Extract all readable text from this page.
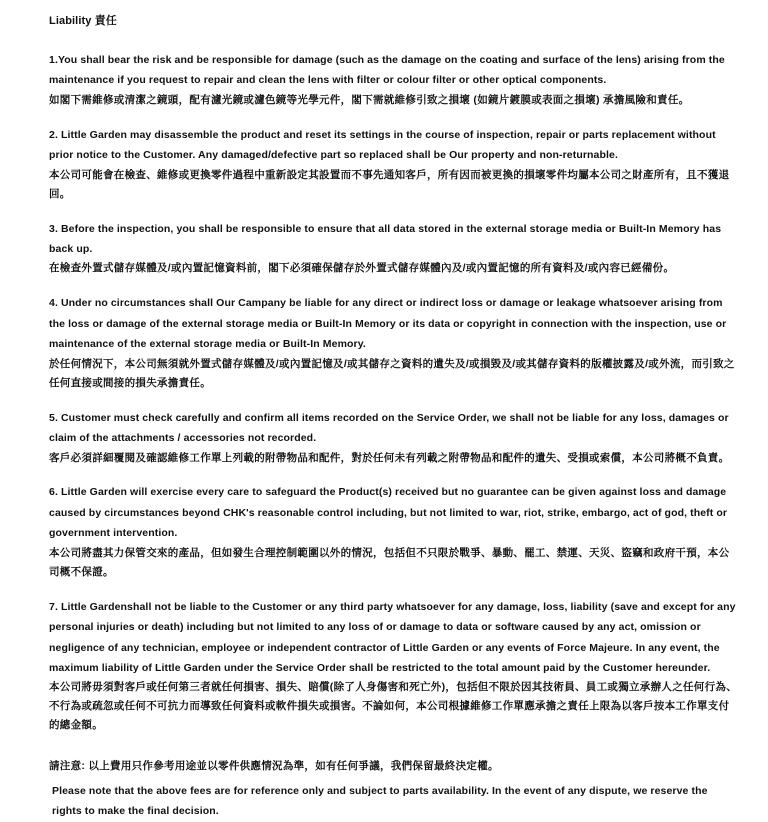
Liability 責任
1.You shall bear the risk and be responsible for damage (such as the damage on the coating and surface of the lens) arising from the maintenance if you request to repair and clean the lens with filter or colour filter or other optical components.
如閣下需維修或清潔之鏡頭，配有濾光鏡或濾色鏡等光學元件，閣下需就維修引致之損壞 (如鏡片鍍膜或表面之損壞) 承擔風險和責任。
2. Little Garden may disassemble the product and reset its settings in the course of inspection, repair or parts replacement without prior notice to the Customer. Any damaged/defective part so replaced shall be Our property and non-returnable.
本公司可能會在檢查、維修或更換零件過程中重新設定其設置而不事先通知客戶，所有因而被更換的損壞零件均屬本公司之財產所有，且不獲退回。
3. Before the inspection, you shall be responsible to ensure that all data stored in the external storage media or Built-In Memory has back up.
在檢查外置式儲存媒體及/或內置記憶資料前，閣下必須確保儲存於外置式儲存媒體內及/或內置記憶的所有資料及/或內容已經備份。
4. Under no circumstances shall Our Campany be liable for any direct or indirect loss or damage or leakage whatsoever arising from the loss or damage of the external storage media or Built-In Memory or its data or copyright in connection with the inspection, use or maintenance of the external storage media or Built-In Memory.
於任何情況下，本公司無須就外置式儲存媒體及/或內置記憶及/或其儲存之資料的遺失及/或損毀及/或其儲存資料的版權披露及/或外流，而引致之任何直接或間接的損失承擔責任。
5. Customer must check carefully and confirm all items recorded on the Service Order, we shall not be liable for any loss, damages or claim of the attachments / accessories not recorded.
客戶必須詳細覆閱及確認維修工作單上列載的附帶物品和配件，對於任何未有列載之附帶物品和配件的遺失、受損或索償，本公司將概不負責。
6. Little Garden will exercise every care to safeguard the Product(s) received but no guarantee can be given against loss and damage caused by circumstances beyond CHK's reasonable control including, but not limited to war, riot, strike, embargo, act of god, theft or government intervention.
本公司將盡其力保管交來的產品，但如發生合理控制範圍以外的情況，包括但不只限於戰爭、暴動、罷工、禁運、天災、盜竊和政府干預，本公司概不保證。
7. Little Gardenshall not be liable to the Customer or any third party whatsoever for any damage, loss, liability (save and except for any personal injuries or death) including but not limited to any loss of or damage to data or software caused by any act, omission or negligence of any technician, employee or independent contractor of Little Garden or any events of Force Majeure. In any event, the maximum liability of Little Garden under the Service Order shall be restricted to the total amount paid by the Customer hereunder.
本公司將毋須對客戶或任何第三者就任何損害、損失、賠償(除了人身傷害和死亡外)，包括但不限於因其技術員、員工或獨立承辦人之任何行為、不行為或疏忽或任何不可抗力而導致任何資料或軟件損失或損害。不論如何，本公司根據維修工作單應承擔之責任上限為以客戶按本工作單支付的總金額。
請注意: 以上費用只作參考用途並以零件供應情況為準，如有任何爭議，我們保留最終決定權。
Please note that the above fees are for reference only and subject to parts availability. In the event of any dispute, we reserve the rights to make the final decision.
